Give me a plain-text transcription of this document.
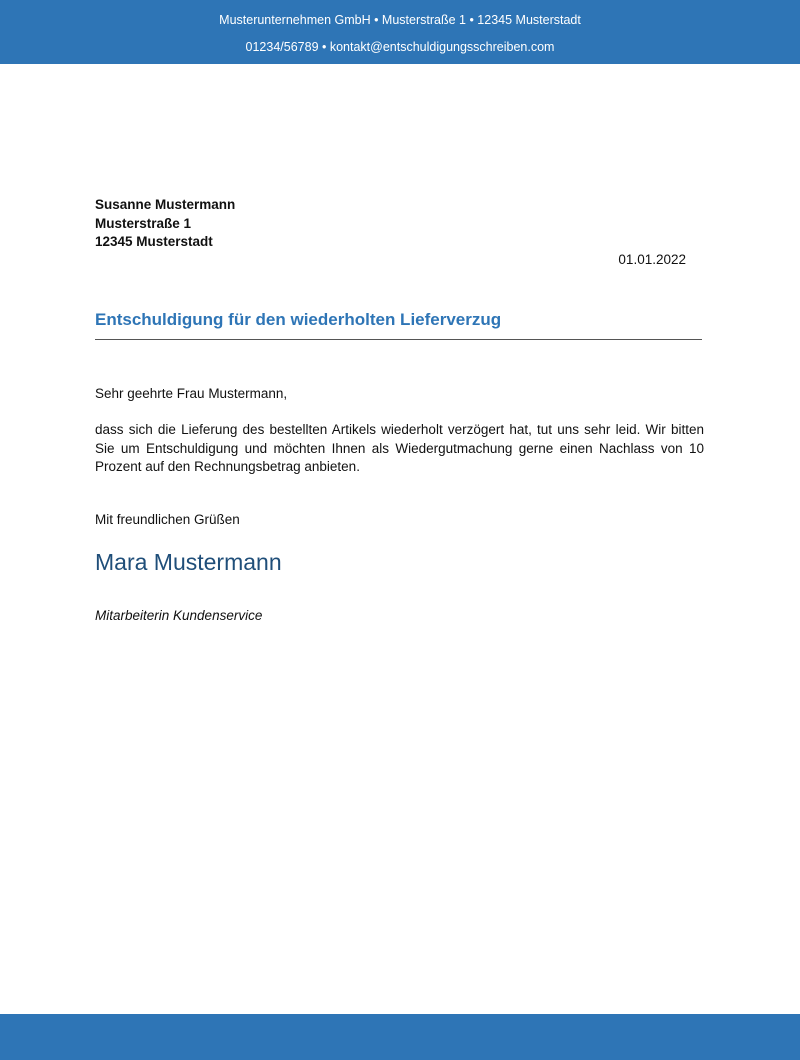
Musterunternehmen GmbH • Musterstraße 1 • 12345 Musterstadt
01234/56789 • kontakt@entschuldigungsschreiben.com
Susanne Mustermann
Musterstraße 1
12345 Musterstadt
01.01.2022
Entschuldigung für den wiederholten Lieferverzug
Sehr geehrte Frau Mustermann,
dass sich die Lieferung des bestellten Artikels wiederholt verzögert hat, tut uns sehr leid. Wir bitten Sie um Entschuldigung und möchten Ihnen als Wiedergutmachung gerne einen Nachlass von 10 Prozent auf den Rechnungsbetrag anbieten.
Mit freundlichen Grüßen
Mara Mustermann
Mitarbeiterin Kundenservice
